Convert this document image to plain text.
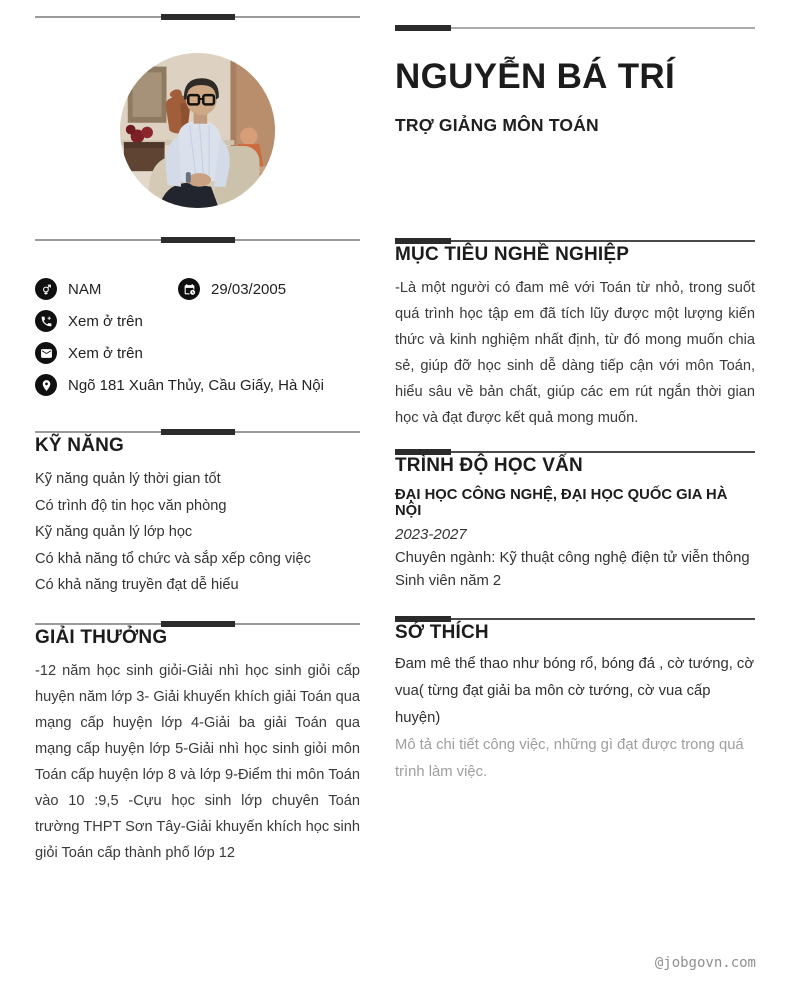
NAM	29/03/2005
Xem ở trên
Xem ở trên
Ngõ 181 Xuân Thủy, Cầu Giấy, Hà Nội
KỸ NĂNG
Kỹ năng quản lý thời gian tốt
Có trình độ tin học văn phòng
Kỹ năng quản lý lớp học
Có khả năng tổ chức và sắp xếp công việc
Có khả năng truyền đạt dễ hiểu
GIẢI THƯỞNG

-12 năm học sinh giỏi-Giải nhì học sinh giỏi cấp huyện năm lớp 3- Giải khuyến khích giải Toán qua mạng cấp huyện lớp 4-Giải ba giải Toán qua mạng cấp huyện lớp 5-Giải nhì học sinh giỏi môn Toán cấp huyện lớp 8 và lớp 9-Điểm thi môn Toán vào 10 :9,5 -Cựu học sinh lớp chuyên Toán trường THPT Sơn Tây-Giải khuyến khích học sinh giỏi Toán cấp thành phố lớp 12

NGUYỄN BÁ TRÍ
TRỢ GIẢNG MÔN TOÁN
MỤC TIÊU NGHỀ NGHIỆP

-Là một người có đam mê với Toán từ nhỏ, trong suốt quá trình học tập em đã tích lũy được một lượng kiến thức và kinh nghiệm nhất định, từ đó mong muốn chia sẻ, giúp đỡ học sinh dễ dàng tiếp cận với môn Toán, hiểu sâu về bản chất, giúp các em rút ngắn thời gian học và đạt được kết quả mong muốn.

TRÌNH ĐỘ HỌC VẤN
ĐẠI HỌC CÔNG NGHỆ, ĐẠI HỌC QUỐC GIA HÀ NỘI
2023-2027
Chuyên ngành: Kỹ thuật công nghệ điện tử viễn thông
Sinh viên năm 2
SỞ THÍCH

Đam mê thể thao như bóng rổ, bóng đá , cờ tướng, cờ vua( từng đạt giải ba môn cờ tướng, cờ vua cấp huyện)

Mô tả chi tiết công việc, những gì đạt được trong quá trình làm việc.

@jobgovn.com
